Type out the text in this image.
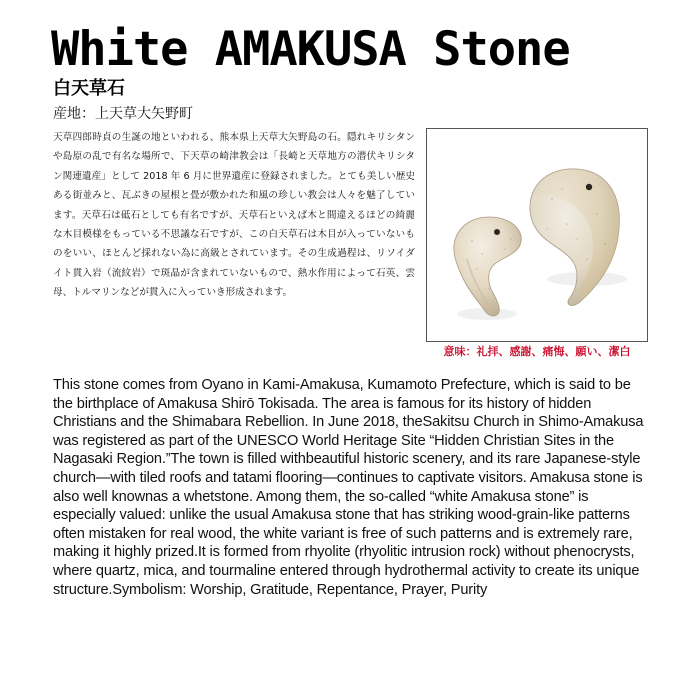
White AMAKUSA Stone
白天草石
産地：上天草大矢野町

天草四郎時貞の生誕の地といわれる、熊本県上天草大矢野島の石。隠れキリシタンや島原の乱で有名な場所で、下天草の崎津教会は「長崎と天草地方の潜伏キリシタン関連遺産」として 2018 年 6 月に世界遺産に登録されました。とても美しい歴史ある街並みと、瓦ぶきの屋根と畳が敷かれた和風の珍しい教会は人々を魅了しています。天草石は砥石としても有名ですが、天草石といえば木と間違えるほどの綺麗な木目模様をもっている不思議な石ですが、この白天草石は木目が入っていないものをいい、ほとんど採れない為に高級とされています。その生成過程は、リソイダイト貫入岩（流紋岩）で斑晶が含まれていないもので、熱水作用によって石英、雲母、トルマリンなどが貫入に入っていき形成されます。

意味：礼拝、感謝、痛悔、願い、潔白

This stone comes from Oyano in Kami-Amakusa, Kumamoto Prefecture, which is said to be the birthplace of Amakusa Shirō Tokisada. The area is famous for its history of hidden Christians and the Shimabara Rebellion. In June 2018, theSakitsu Church in Shimo-Amakusa was registered as part of the UNESCO World Heritage Site “Hidden Christian Sites in the Nagasaki Region.”The town is filled withbeautiful historic scenery, and its rare Japanese-style church—with tiled roofs and tatami flooring—continues to captivate visitors. Amakusa stone is also well knownas a whetstone. Among them, the so-called “white Amakusa stone” is especially valued: unlike the usual Amakusa stone that has striking wood-grain-like patterns often mistaken for real wood, the white variant is free of such patterns and is extremely rare, making it highly prized.It is formed from rhyolite (rhyolitic intrusion rock) without phenocrysts, where quartz, mica, and tourmaline entered through hydrothermal activity to create its unique structure.Symbolism: Worship, Gratitude, Repentance, Prayer, Purity
